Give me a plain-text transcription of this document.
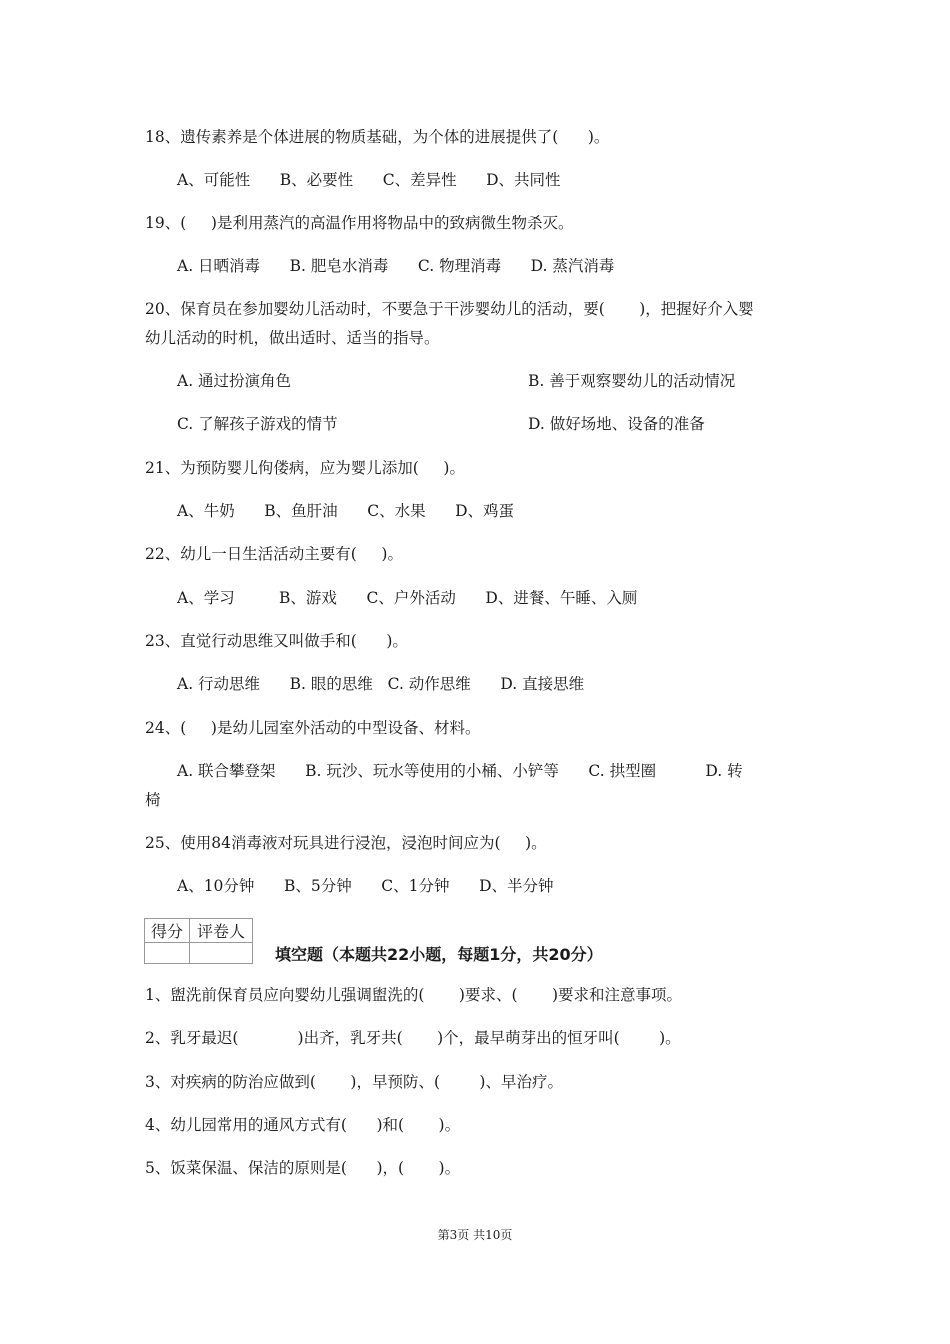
18、遗传素养是个体进展的物质基础，为个体的进展提供了(      )。
A、可能性      B、必要性      C、差异性      D、共同性
19、(     )是利用蒸汽的高温作用将物品中的致病微生物杀灭。
A. 日晒消毒      B. 肥皂水消毒      C. 物理消毒      D. 蒸汽消毒
20、保育员在参加婴幼儿活动时，不要急于干涉婴幼儿的活动，要(       )，把握好介入婴
幼儿活动的时机，做出适时、适当的指导。
A. 通过扮演角色	B. 善于观察婴幼儿的活动情况
C. 了解孩子游戏的情节	D. 做好场地、设备的准备
21、为预防婴儿佝偻病，应为婴儿添加(     )。
A、牛奶      B、鱼肝油      C、水果      D、鸡蛋
22、幼儿一日生活活动主要有(     )。
A、学习         B、游戏      C、户外活动      D、进餐、午睡、入厕
23、直觉行动思维又叫做手和(      )。
A. 行动思维      B. 眼的思维   C. 动作思维      D. 直接思维
24、(     )是幼儿园室外活动的中型设备、材料。
A. 联合攀登架      B. 玩沙、玩水等使用的小桶、小铲等      C. 拱型圈          D. 转
椅
25、使用84消毒液对玩具进行浸泡，浸泡时间应为(     )。
A、10分钟      B、5分钟      C、1分钟      D、半分钟
得分	评卷人

填空题（本题共22小题，每题1分，共20分）
1、盥洗前保育员应向婴幼儿强调盥洗的(       )要求、(       )要求和注意事项。
2、乳牙最迟(            )出齐，乳牙共(       )个，最早萌芽出的恒牙叫(        )。
3、对疾病的防治应做到(       )，早预防、(        )、早治疗。
4、幼儿园常用的通风方式有(      )和(       )。
5、饭菜保温、保洁的原则是(      )，(       )。
第3页 共10页
